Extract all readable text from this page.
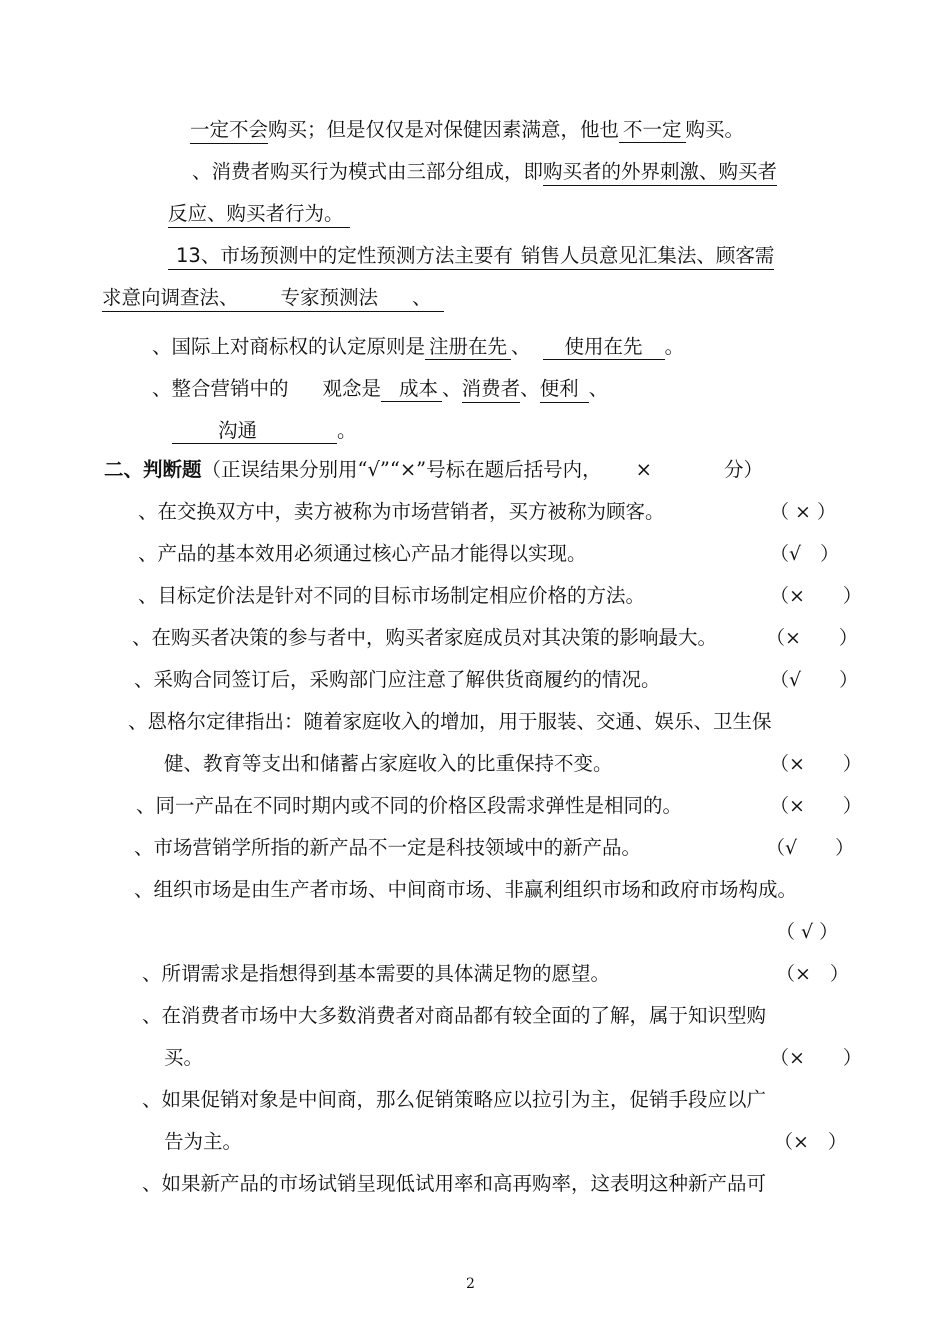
一定不会购买；但是仅仅是对保健因素满意，他也 不一定 购买。
、消费者购买行为模式由三部分组成，即购买者的外界刺激、购买者
反应、购买者行为。
13、市场预测中的定性预测方法主要有 销售人员意见汇集法、顾客需
求意向调查法、 专家预测法 、
、国际上对商标权的认定原则是 注册在先 、 使用在先 。
、整合营销中的 观念是 成本 、消费者、便利 、
沟通	。
二、判断题（正误结果分别用“√”“×”号标在题后括号内， ×	分）
、在交换双方中，卖方被称为市场营销者，买方被称为顾客。	（ × ）
、产品的基本效用必须通过核心产品才能得以实现。	（√　）
、目标定价法是针对不同的目标市场制定相应价格的方法。	（×　　）
、在购买者决策的参与者中，购买者家庭成员对其决策的影响最大。	（×　　）
、采购合同签订后，采购部门应注意了解供货商履约的情况。	（√　　）
、恩格尔定律指出：随着家庭收入的增加，用于服装、交通、娱乐、卫生保
健、教育等支出和储蓄占家庭收入的比重保持不变。	（×　　）
、同一产品在不同时期内或不同的价格区段需求弹性是相同的。	（×　　）
、市场营销学所指的新产品不一定是科技领域中的新产品。	（√　　）
、组织市场是由生产者市场、中间商市场、非赢利组织市场和政府市场构成。
（ √ ）
、所谓需求是指想得到基本需要的具体满足物的愿望。	（×　）
、在消费者市场中大多数消费者对商品都有较全面的了解，属于知识型购
买。	（×　　）
、如果促销对象是中间商，那么促销策略应以拉引为主，促销手段应以广
告为主。	（×　）
、如果新产品的市场试销呈现低试用率和高再购率，这表明这种新产品可
2
